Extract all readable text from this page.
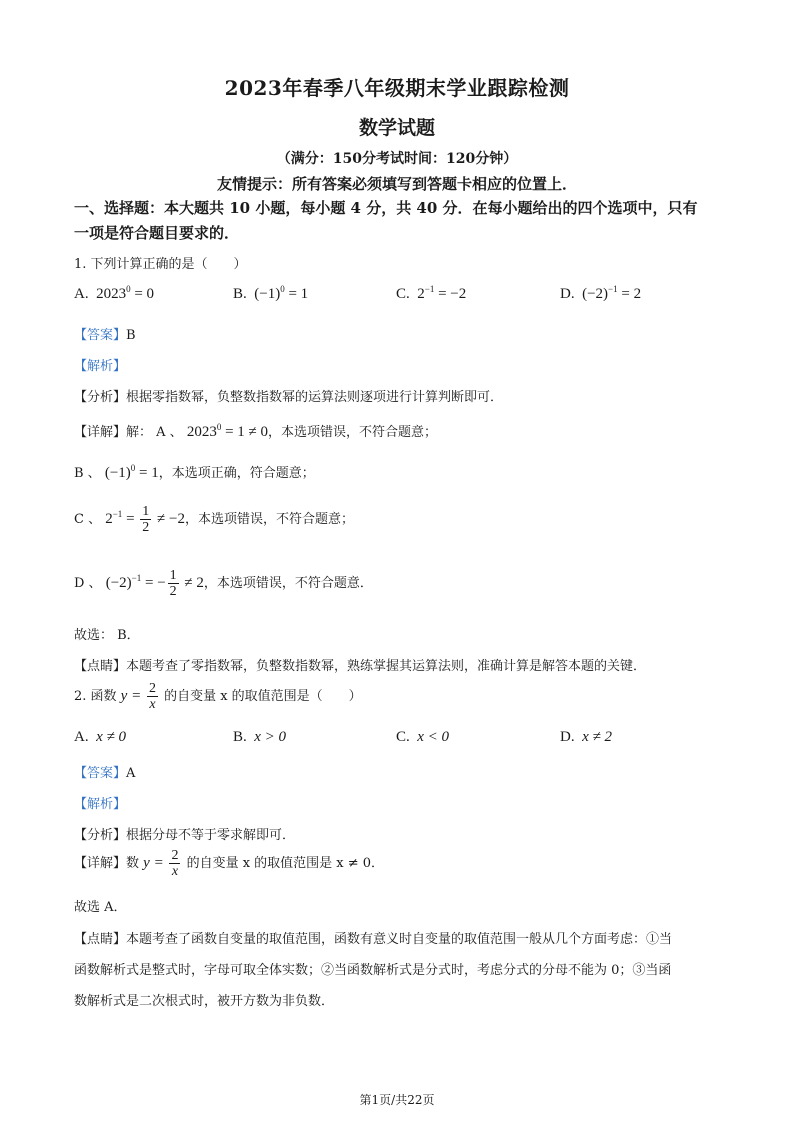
2023年春季八年级期末学业跟踪检测
数学试题
（满分：150分考试时间：120分钟）
友情提示：所有答案必须填写到答题卡相应的位置上．
一、选择题：本大题共 10 小题，每小题 4 分，共 40 分．在每小题给出的四个选项中，只有
一项是符合题目要求的．
1. 下列计算正确的是（　　）
A. $2023^0 = 0$	B. $(-1)^0 = 1$	C. $2^{-1} = -2$	D. $(-2)^{-1} = 2$
【答案】B
【解析】
【分析】根据零指数幂，负整数指数幂的运算法则逐项进行计算判断即可．
【详解】解： A 、 $2023^0 = 1 \ne 0$，本选项错误，不符合题意；
B 、 $(-1)^0 = 1$，本选项正确，符合题意；
C 、 $2^{-1} = \frac{1}{2} \ne -2$，本选项错误，不符合题意；
D 、 $(-2)^{-1}$ = − $\frac{1}{2} \ne 2$，本选项错误，不符合题意．
故选： B．
【点睛】本题考查了零指数幂，负整数指数幂，熟练掌握其运算法则，准确计算是解答本题的关键．
2. 函数 $y = \frac{2}{x}$ 的自变量 x 的取值范围是（　　）
A. x ≠ 0	B. x > 0	C. x < 0	D. x ≠ 2
【答案】A
【解析】
【分析】根据分母不等于零求解即可．
【详解】数 $y = \frac{2}{x}$ 的自变量 x 的取值范围是 x ≠ 0．
故选 A．
【点睛】本题考查了函数自变量的取值范围，函数有意义时自变量的取值范围一般从几个方面考虑：①当
函数解析式是整式时，字母可取全体实数；②当函数解析式是分式时，考虑分式的分母不能为 0；③当函
数解析式是二次根式时，被开方数为非负数．
第1页/共22页
